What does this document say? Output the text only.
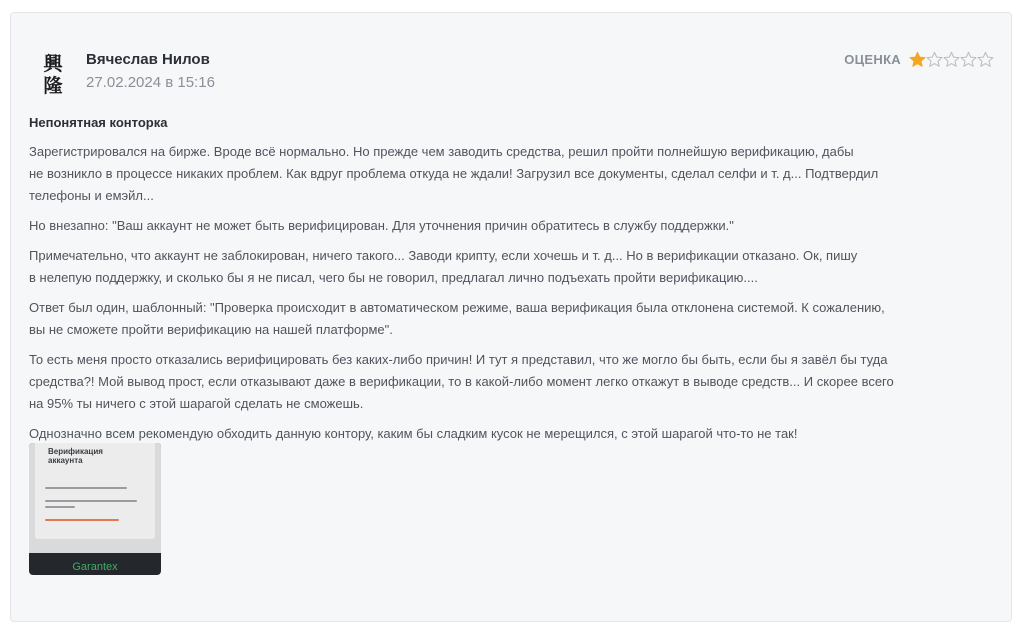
興
隆
Вячеслав Нилов
27.02.2024 в 15:16
ОЦЕНКА
Непонятная конторка

Зарегистрировался на бирже. Вроде всё нормально. Но прежде чем заводить средства, решил пройти полнейшую верификацию, дабы
не возникло в процессе никаких проблем. Как вдруг проблема откуда не ждали! Загрузил все документы, сделал селфи и т. д... Подтвердил
телефоны и емэйл...

Но внезапно: "Ваш аккаунт не может быть верифицирован. Для уточнения причин обратитесь в службу поддержки."

Примечательно, что аккаунт не заблокирован, ничего такого... Заводи крипту, если хочешь и т. д... Но в верификации отказано. Ок, пишу
в нелепую поддержку, и сколько бы я не писал, чего бы не говорил, предлагал лично подъехать пройти верификацию....

Ответ был один, шаблонный: "Проверка происходит в автоматическом режиме, ваша верификация была отклонена системой. К сожалению,
вы не сможете пройти верификацию на нашей платформе".

То есть меня просто отказались верифицировать без каких-либо причин! И тут я представил, что же могло бы быть, если бы я завёл бы туда
средства?! Мой вывод прост, если отказывают даже в верификации, то в какой-либо момент легко откажут в выводе средств... И скорее всего
на 95% ты ничего с этой шарагой сделать не сможешь.

Однозначно всем рекомендую обходить данную контору, каким бы сладким кусок не мерещился, с этой шарагой что-то не так!

Верификация
аккаунта
Garantex
